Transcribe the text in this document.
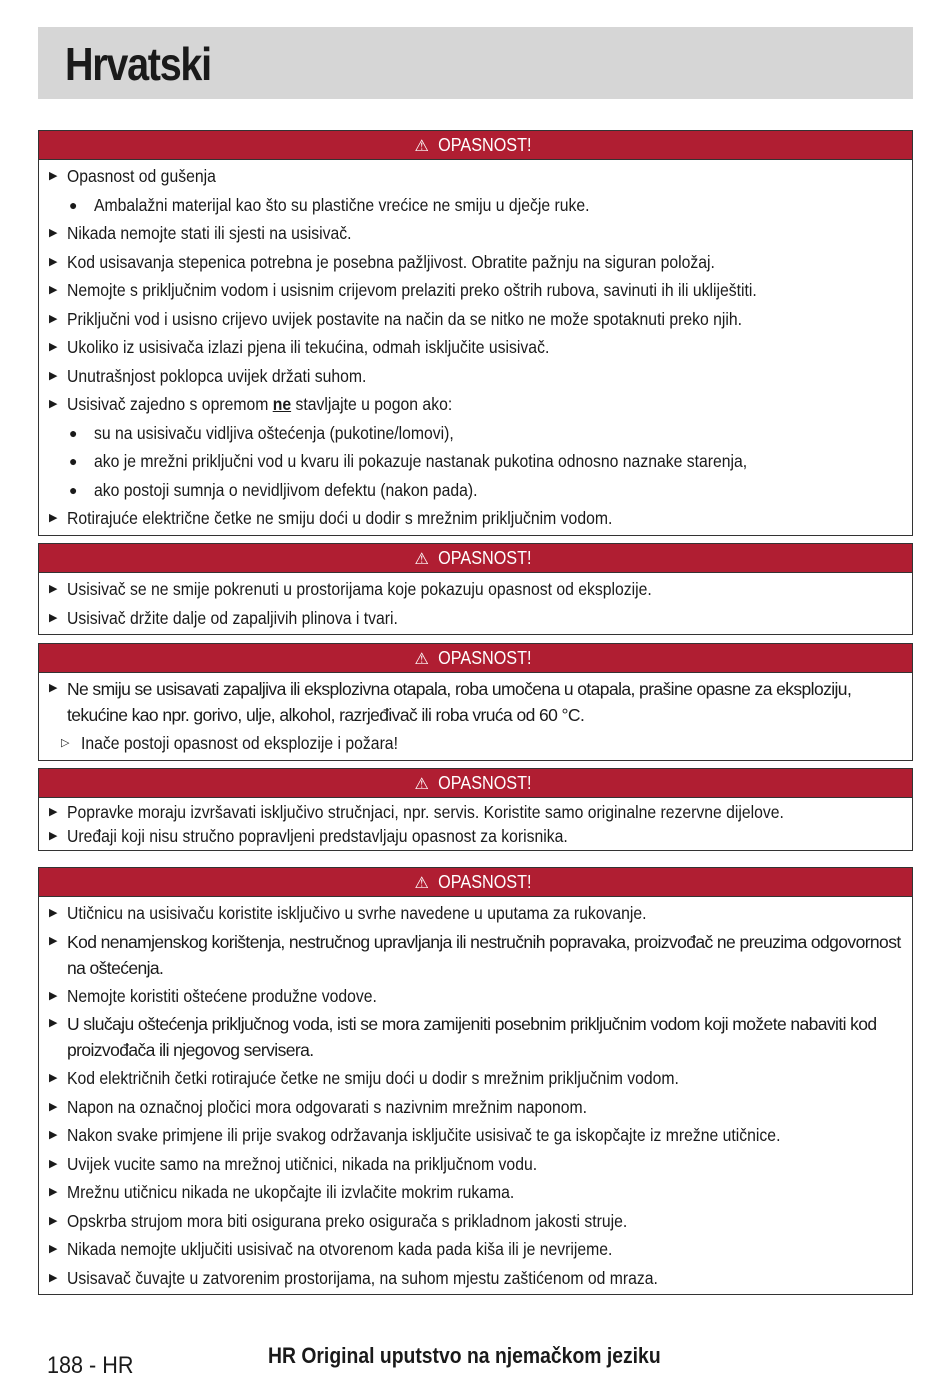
Hrvatski
⚠ OPASNOST!
▶ Opasnost od gušenja
● Ambalažni materijal kao što su plastične vrećice ne smiju u dječje ruke.
▶ Nikada nemojte stati ili sjesti na usisivač.
▶ Kod usisavanja stepenica potrebna je posebna pažljivost. Obratite pažnju na siguran položaj.
▶ Nemojte s priključnim vodom i usisnim crijevom prelaziti preko oštrih rubova, savinuti ih ili ukliještiti.
▶ Priključni vod i usisno crijevo uvijek postavite na način da se nitko ne može spotaknuti preko njih.
▶ Ukoliko iz usisivača izlazi pjena ili tekućina, odmah isključite usisivač.
▶ Unutrašnjost poklopca uvijek držati suhom.
▶ Usisivač zajedno s opremom ne stavljajte u pogon ako:
● su na usisivaču vidljiva oštećenja (pukotine/lomovi),
● ako je mrežni priključni vod u kvaru ili pokazuje nastanak pukotina odnosno naznake starenja,
● ako postoji sumnja o nevidljivom defektu (nakon pada).
▶ Rotirajuće električne četke ne smiju doći u dodir s mrežnim priključnim vodom.
⚠ OPASNOST!
▶ Usisivač se ne smije pokrenuti u prostorijama koje pokazuju opasnost od eksplozije.
▶ Usisivač držite dalje od zapaljivih plinova i tvari.
⚠ OPASNOST!
▶ Ne smiju se usisavati zapaljiva ili eksplozivna otapala, roba umočena u otapala, prašine opasne za eksploziju, tekućine kao npr. gorivo, ulje, alkohol, razrjeđivač ili roba vruća od 60 °C.
▷ Inače postoji opasnost od eksplozije i požara!
⚠ OPASNOST!
▶ Popravke moraju izvršavati isključivo stručnjaci, npr. servis. Koristite samo originalne rezervne dijelove.
▶ Uređaji koji nisu stručno popravljeni predstavljaju opasnost za korisnika.
⚠ OPASNOST!
▶ Utičnicu na usisivaču koristite isključivo u svrhe navedene u uputama za rukovanje.
▶ Kod nenamjenskog korištenja, nestručnog upravljanja ili nestručnih popravaka, proizvođač ne preuzima odgovornost na oštećenja.
▶ Nemojte koristiti oštećene produžne vodove.
▶ U slučaju oštećenja priključnog voda, isti se mora zamijeniti posebnim priključnim vodom koji možete nabaviti kod proizvođača ili njegovog servisera.
▶ Kod električnih četki rotirajuće četke ne smiju doći u dodir s mrežnim priključnim vodom.
▶ Napon na označnoj pločici mora odgovarati s nazivnim mrežnim naponom.
▶ Nakon svake primjene ili prije svakog održavanja isključite usisivač te ga iskopčajte iz mrežne utičnice.
▶ Uvijek vucite samo na mrežnoj utičnici, nikada na priključnom vodu.
▶ Mrežnu utičnicu nikada ne ukopčajte ili izvlačite mokrim rukama.
▶ Opskrba strujom mora biti osigurana preko osigurača s prikladnom jakosti struje.
▶ Nikada nemojte uključiti usisivač na otvorenom kada pada kiša ili je nevrijeme.
▶ Usisavač čuvajte u zatvorenim prostorijama, na suhom mjestu zaštićenom od mraza.
188 - HR	HR Original uputstvo na njemačkom jeziku
